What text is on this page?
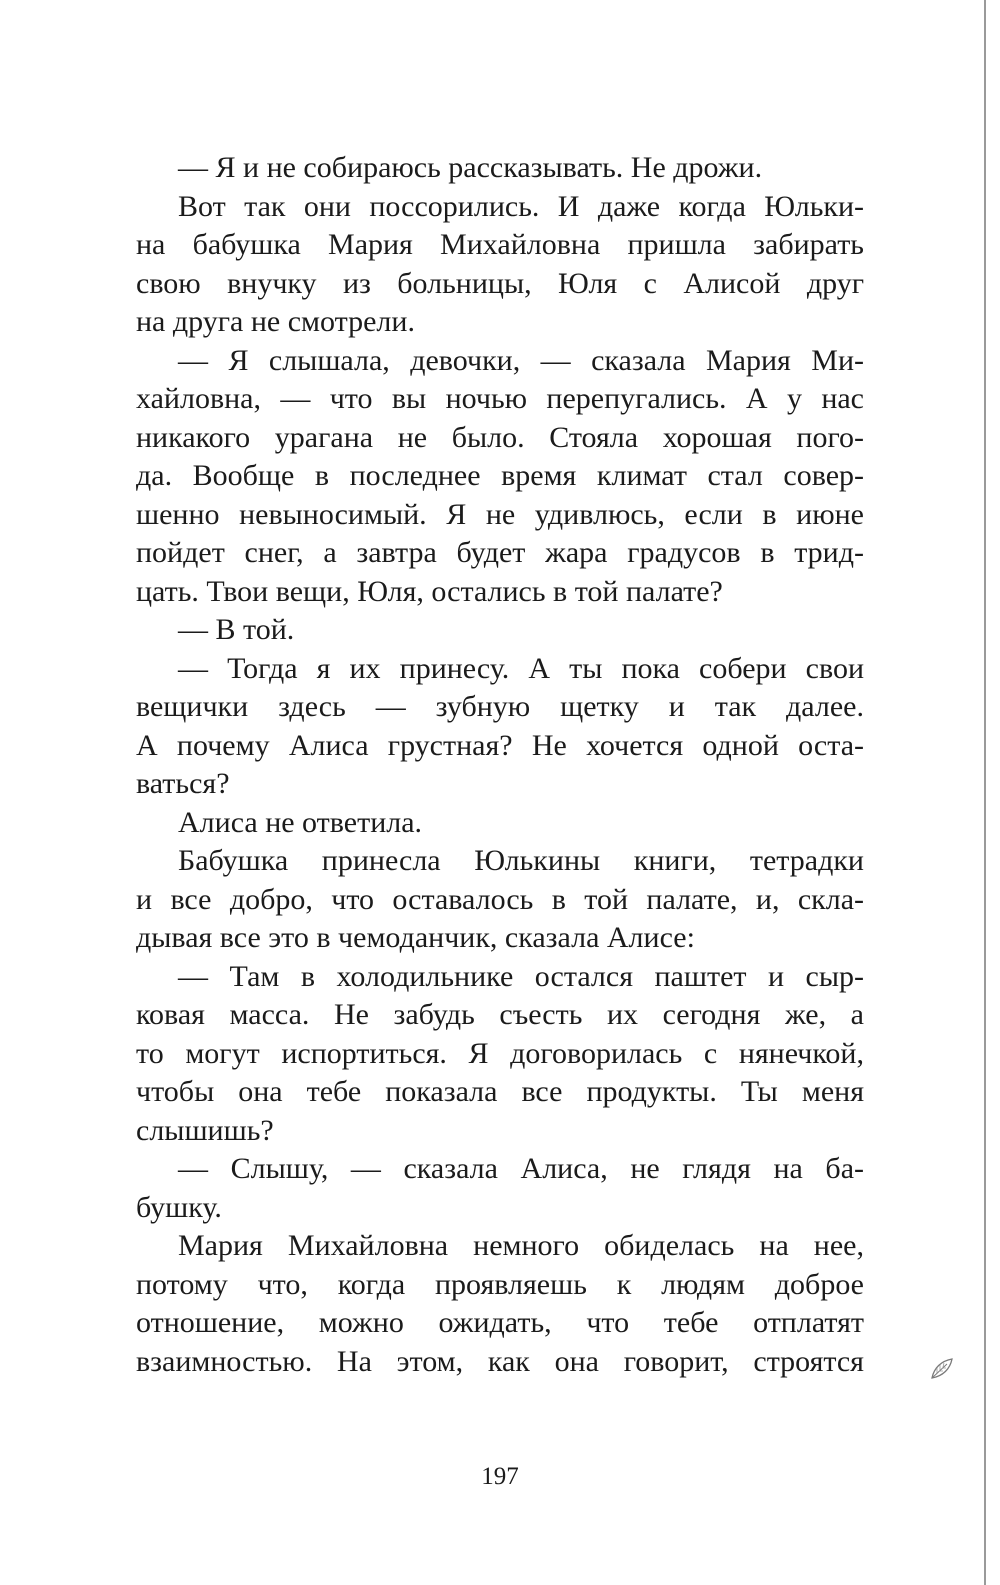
— Я и не собираюсь рассказывать. Не дрожи.
Вот так они поссорились. И даже когда Юльки-
на бабушка Мария Михайловна пришла забирать
свою внучку из больницы, Юля с Алисой друг
на друга не смотрели.
— Я слышала, девочки, — сказала Мария Ми-
хайловна, — что вы ночью перепугались. А у нас
никакого урагана не было. Стояла хорошая пого-
да. Вообще в последнее время климат стал совер-
шенно невыносимый. Я не удивлюсь, если в июне
пойдет снег, а завтра будет жара градусов в трид-
цать. Твои вещи, Юля, остались в той палате?
— В той.
— Тогда я их принесу. А ты пока собери свои
вещички здесь — зубную щетку и так далее.
А почему Алиса грустная? Не хочется одной оста-
ваться?
Алиса не ответила.
Бабушка принесла Юлькины книги, тетрадки
и все добро, что оставалось в той палате, и, скла-
дывая все это в чемоданчик, сказала Алисе:
— Там в холодильнике остался паштет и сыр-
ковая масса. Не забудь съесть их сегодня же, а
то могут испортиться. Я договорилась с нянечкой,
чтобы она тебе показала все продукты. Ты меня
слышишь?
— Слышу, — сказала Алиса, не глядя на ба-
бушку.
Мария Михайловна немного обиделась на нее,
потому что, когда проявляешь к людям доброе
отношение, можно ожидать, что тебе отплатят
взаимностью. На этом, как она говорит, строятся
197
